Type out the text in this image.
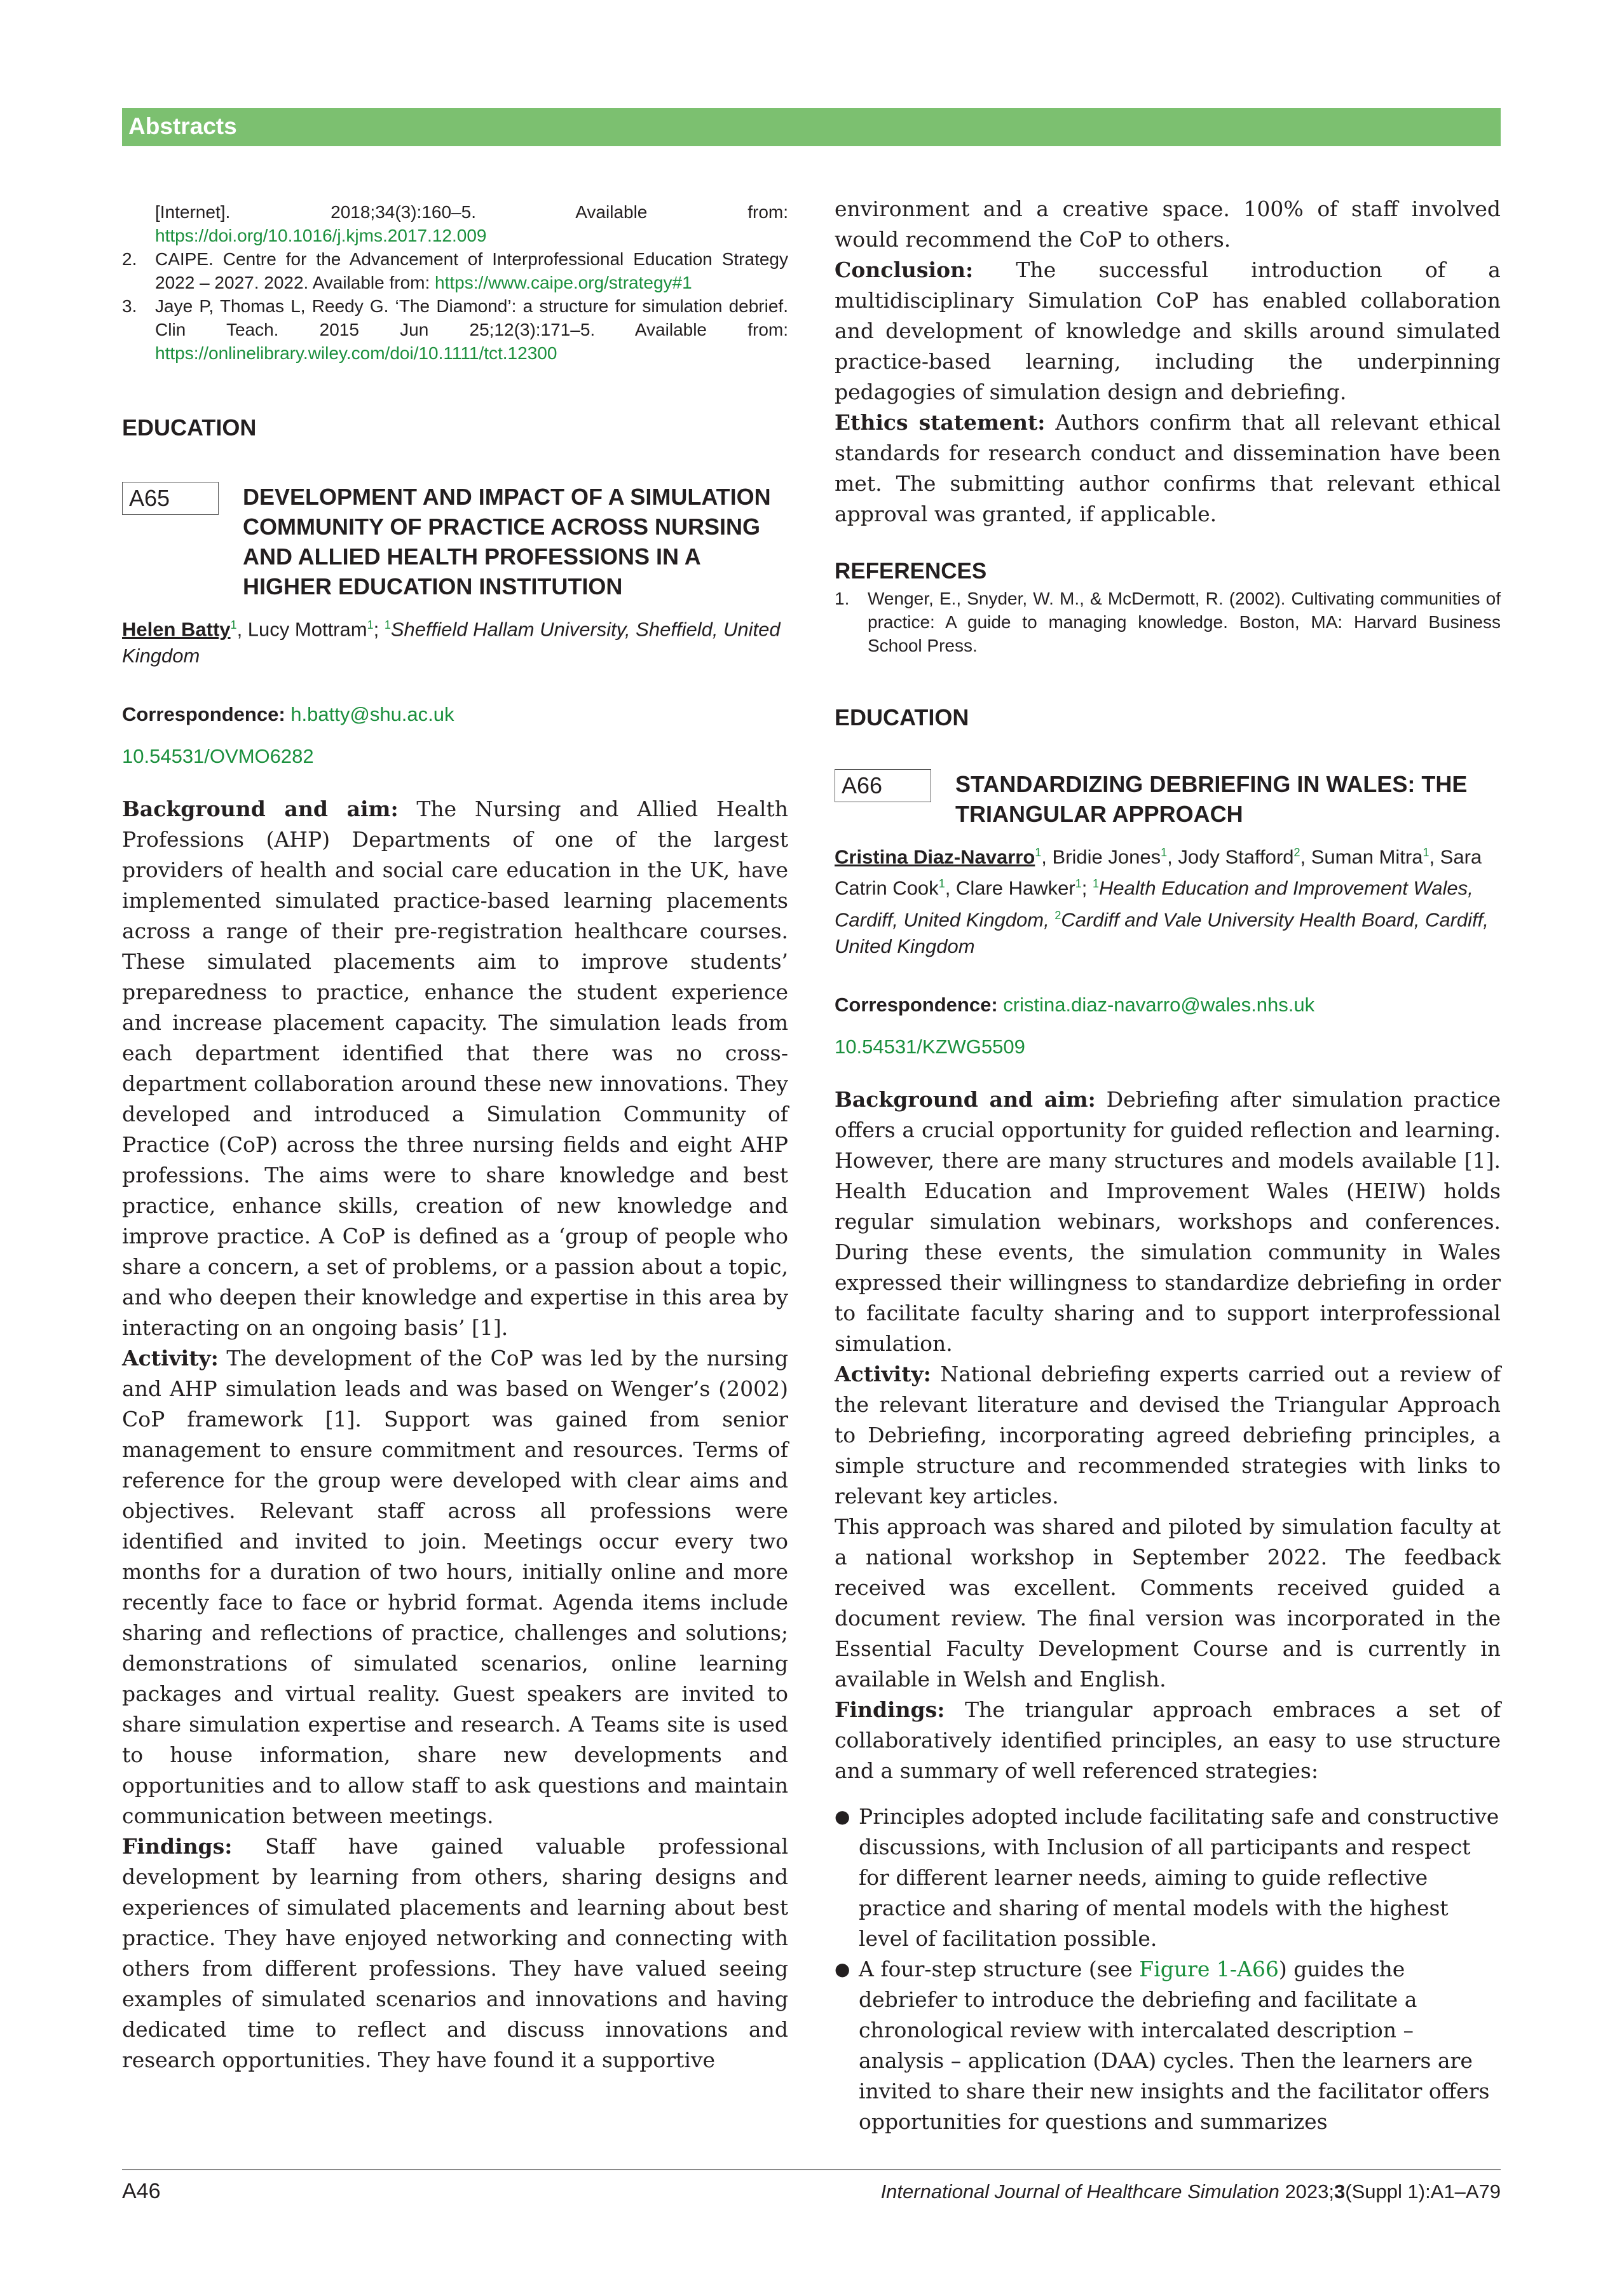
Abstracts
[Internet]. 2018;34(3):160–5. Available from: https://doi.org/10.1016/j.kjms.2017.12.009
2.	CAIPE. Centre for the Advancement of Interprofessional Education Strategy 2022 – 2027. 2022. Available from: https://www.caipe.org/strategy#1
3.	Jaye P, Thomas L, Reedy G. ‘The Diamond’: a structure for simulation debrief. Clin Teach. 2015 Jun 25;12(3):171–5. Available from: https://onlinelibrary.wiley.com/doi/10.1111/tct.12300
EDUCATION
A65	DEVELOPMENT AND IMPACT OF A SIMULATION COMMUNITY OF PRACTICE ACROSS NURSING AND ALLIED HEALTH PROFESSIONS IN A HIGHER EDUCATION INSTITUTION
Helen Batty$^1$, Lucy Mottram$^1$; $^1$Sheffield Hallam University, Sheffield, United Kingdom
Correspondence: h.batty@shu.ac.uk
10.54531/OVMO6282

Background and aim: The Nursing and Allied Health Professions (AHP) Departments of one of the largest providers of health and social care education in the UK, have implemented simulated practice-based learning placements across a range of their pre-registration healthcare courses. These simulated placements aim to improve students’ preparedness to practice, enhance the student experience and increase placement capacity. The simulation leads from each department identified that there was no cross-department collaboration around these new innovations. They developed and introduced a Simulation Community of Practice (CoP) across the three nursing fields and eight AHP professions. The aims were to share knowledge and best practice, enhance skills, creation of new knowledge and improve practice. A CoP is defined as a ‘group of people who share a concern, a set of problems, or a passion about a topic, and who deepen their knowledge and expertise in this area by interacting on an ongoing basis’ [1].

Activity: The development of the CoP was led by the nursing and AHP simulation leads and was based on Wenger’s (2002) CoP framework [1]. Support was gained from senior management to ensure commitment and resources. Terms of reference for the group were developed with clear aims and objectives. Relevant staff across all professions were identified and invited to join. Meetings occur every two months for a duration of two hours, initially online and more recently face to face or hybrid format. Agenda items include sharing and reflections of practice, challenges and solutions; demonstrations of simulated scenarios, online learning packages and virtual reality. Guest speakers are invited to share simulation expertise and research. A Teams site is used to house information, share new developments and opportunities and to allow staff to ask questions and maintain communication between meetings.

Findings: Staff have gained valuable professional development by learning from others, sharing designs and experiences of simulated placements and learning about best practice. They have enjoyed networking and connecting with others from different professions. They have valued seeing examples of simulated scenarios and innovations and having dedicated time to reflect and discuss innovations and research opportunities. They have found it a supportive

environment and a creative space. 100% of staff involved would recommend the CoP to others.

Conclusion: The successful introduction of a multidisciplinary Simulation CoP has enabled collaboration and development of knowledge and skills around simulated practice-based learning, including the underpinning pedagogies of simulation design and debriefing.

Ethics statement: Authors confirm that all relevant ethical standards for research conduct and dissemination have been met. The submitting author confirms that relevant ethical approval was granted, if applicable.

REFERENCES
1.	Wenger, E., Snyder, W. M., & McDermott, R. (2002). Cultivating communities of practice: A guide to managing knowledge. Boston, MA: Harvard Business School Press.
EDUCATION
A66	STANDARDIZING DEBRIEFING IN WALES: THE TRIANGULAR APPROACH
Cristina Diaz-Navarro$^1$, Bridie Jones$^1$, Jody Stafford$^2$, Suman Mitra$^1$, Sara Catrin Cook$^1$, Clare Hawker$^1$; $^1$Health Education and Improvement Wales, Cardiff, United Kingdom, $^2$Cardiff and Vale University Health Board, Cardiff, United Kingdom
Correspondence: cristina.diaz-navarro@wales.nhs.uk
10.54531/KZWG5509

Background and aim: Debriefing after simulation practice offers a crucial opportunity for guided reflection and learning. However, there are many structures and models available [1]. Health Education and Improvement Wales (HEIW) holds regular simulation webinars, workshops and conferences. During these events, the simulation community in Wales expressed their willingness to standardize debriefing in order to facilitate faculty sharing and to support interprofessional simulation.

Activity: National debriefing experts carried out a review of the relevant literature and devised the Triangular Approach to Debriefing, incorporating agreed debriefing principles, a simple structure and recommended strategies with links to relevant key articles.

This approach was shared and piloted by simulation faculty at a national workshop in September 2022. The feedback received was excellent. Comments received guided a document review. The final version was incorporated in the Essential Faculty Development Course and is currently in available in Welsh and English.

Findings: The triangular approach embraces a set of collaboratively identified principles, an easy to use structure and a summary of well referenced strategies:

● Principles adopted include facilitating safe and constructive discussions, with Inclusion of all participants and respect for different learner needs, aiming to guide reflective practice and sharing of mental models with the highest level of facilitation possible.
● A four-step structure (see Figure 1-A66) guides the debriefer to introduce the debriefing and facilitate a chronological review with intercalated description – analysis – application (DAA) cycles. Then the learners are invited to share their new insights and the facilitator offers opportunities for questions and summarizes
A46	International Journal of Healthcare Simulation 2023;3(Suppl 1):A1–A79
